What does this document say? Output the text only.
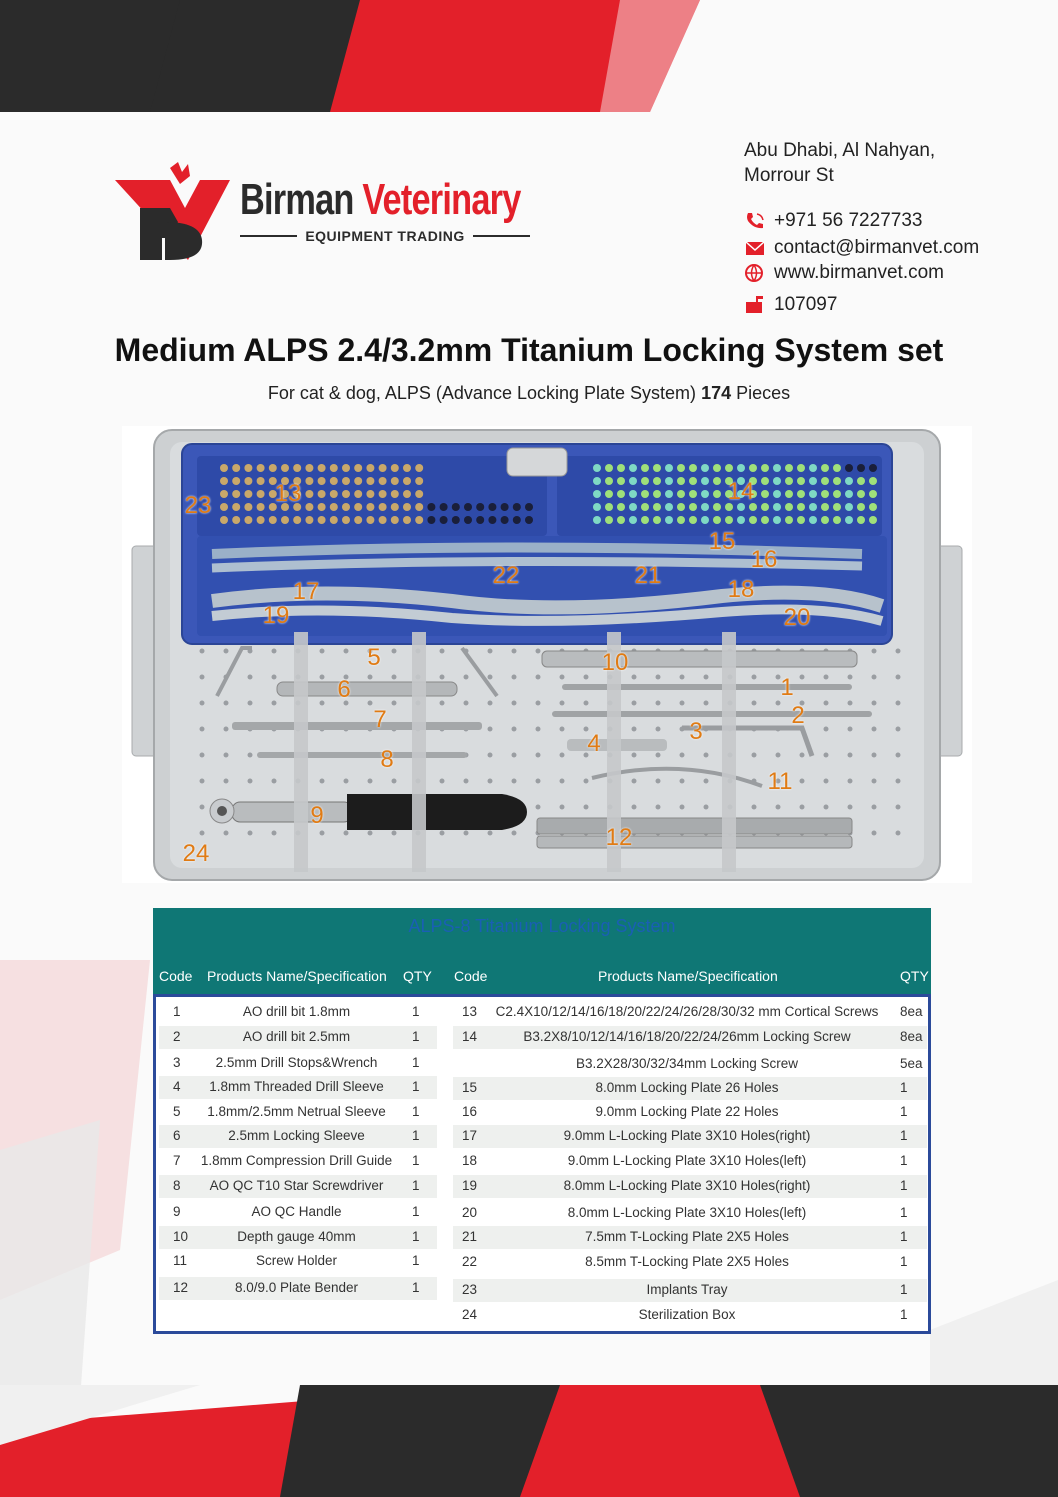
Birman Veterinary
EQUIPMENT TRADING
Abu Dhabi, Al Nahyan,
Morrour St
+971 56 7227733
contact@birmanvet.com
www.birmanvet.com
107097
Medium ALPS 2.4/3.2mm Titanium Locking System set
For cat & dog, ALPS (Advance Locking Plate System) 174 Pieces
1
2
3
4
5
6
7
8
9
10
11
12
13	14
15
16
17	18
19	20
21
22
23
24
ALPS-8 Titanium Locking System
Code Products Name/Specification QTY Code	Products Name/Specification	QTY
1	AO drill bit 1.8mm	1
2	AO drill bit 2.5mm	1
3	2.5mm Drill Stops&Wrench	1
4	1.8mm Threaded Drill Sleeve	1
5	1.8mm/2.5mm Netrual Sleeve	1
6	2.5mm Locking Sleeve	1
7 1.8mm Compression Drill Guide 1
8	AO QC T10 Star Screwdriver	1
9	AO QC Handle	1
10	Depth gauge 40mm	1
11	Screw Holder	1
12	8.0/9.0 Plate Bender	1
13	C2.4X10/12/14/16/18/20/22/24/26/28/30/32 mm Cortical Screws	8ea
14	B3.2X8/10/12/14/16/18/20/22/24/26mm Locking Screw	8ea
B3.2X28/30/32/34mm Locking Screw	5ea
15	8.0mm Locking Plate 26 Holes	1
16	9.0mm Locking Plate 22 Holes	1
17	9.0mm L-Locking Plate 3X10 Holes(right)	1
18	9.0mm L-Locking Plate 3X10 Holes(left)	1
19	8.0mm L-Locking Plate 3X10 Holes(right)	1
20	8.0mm L-Locking Plate 3X10 Holes(left)	1
21	7.5mm T-Locking Plate 2X5 Holes	1
22	8.5mm T-Locking Plate 2X5 Holes	1
23	Implants Tray	1
24	Sterilization Box	1
